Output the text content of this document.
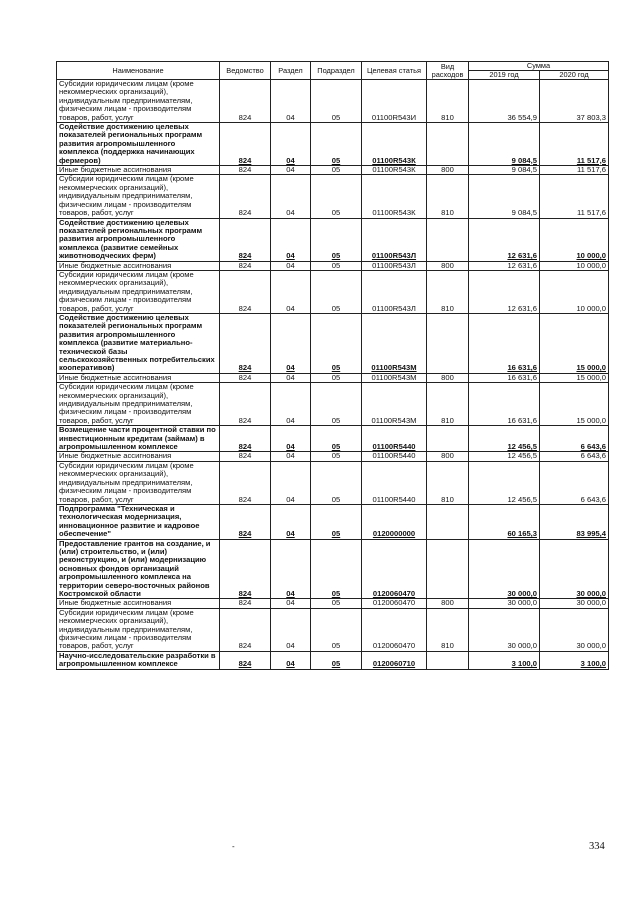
Наименование	Ведомство	Раздел	Подраздел	Целевая статья	Вид расходов	Сумма	
						2019 год	2020 год
Субсидии юридическим лицам (кроме некоммерческих организаций), индивидуальным предпринимателям, физическим лицам - производителям товаров, работ, услуг	824	04	05	01100R543И	810	36 554,9	37 803,3
Содействие достижению целевых показателей региональных программ развития агропромышленного комплекса (поддержка начинающих фермеров)	824	04	05	01100R543К		9 084,5	11 517,6
Иные бюджетные ассигнования	824	04	05	01100R543К	800	9 084,5	11 517,6
Субсидии юридическим лицам (кроме некоммерческих организаций), индивидуальным предпринимателям, физическим лицам - производителям товаров, работ, услуг	824	04	05	01100R543К	810	9 084,5	11 517,6
Содействие достижению целевых показателей региональных программ развития агропромышленного комплекса (развитие семейных животноводческих ферм)	824	04	05	01100R543Л		12 631,6	10 000,0
Иные бюджетные ассигнования	824	04	05	01100R543Л	800	12 631,6	10 000,0
Субсидии юридическим лицам (кроме некоммерческих организаций), индивидуальным предпринимателям, физическим лицам - производителям товаров, работ, услуг	824	04	05	01100R543Л	810	12 631,6	10 000,0
Содействие достижению целевых показателей региональных программ развития агропромышленного комплекса (развитие материально-технической базы сельскохозяйственных потребительских кооперативов)	824	04	05	01100R543М		16 631,6	15 000,0
Иные бюджетные ассигнования	824	04	05	01100R543М	800	16 631,6	15 000,0
Субсидии юридическим лицам (кроме некоммерческих организаций), индивидуальным предпринимателям, физическим лицам - производителям товаров, работ, услуг	824	04	05	01100R543М	810	16 631,6	15 000,0
Возмещение части процентной ставки по инвестиционным кредитам (займам) в агропромышленном комплексе	824	04	05	01100R5440		12 456,5	6 643,6
Иные бюджетные ассигнования	824	04	05	01100R5440	800	12 456,5	6 643,6
Субсидии юридическим лицам (кроме некоммерческих организаций), индивидуальным предпринимателям, физическим лицам - производителям товаров, работ, услуг	824	04	05	01100R5440	810	12 456,5	6 643,6
Подпрограмма "Техническая и технологическая модернизация, инновационное развитие и кадровое обеспечение"	824	04	05	0120000000		60 165,3	83 995,4
Предоставление грантов на создание, и (или) строительство, и (или) реконструкцию, и (или) модернизацию основных фондов организаций агропромышленного комплекса на территории северо-восточных районов Костромской области	824	04	05	0120060470		30 000,0	30 000,0
Иные бюджетные ассигнования	824	04	05	0120060470	800	30 000,0	30 000,0
Субсидии юридическим лицам (кроме некоммерческих организаций), индивидуальным предпринимателям, физическим лицам - производителям товаров, работ, услуг	824	04	05	0120060470	810	30 000,0	30 000,0
Научно-исследовательские разработки в агропромышленном комплексе	824	04	05	0120060710		3 100,0	3 100,0
-	334
